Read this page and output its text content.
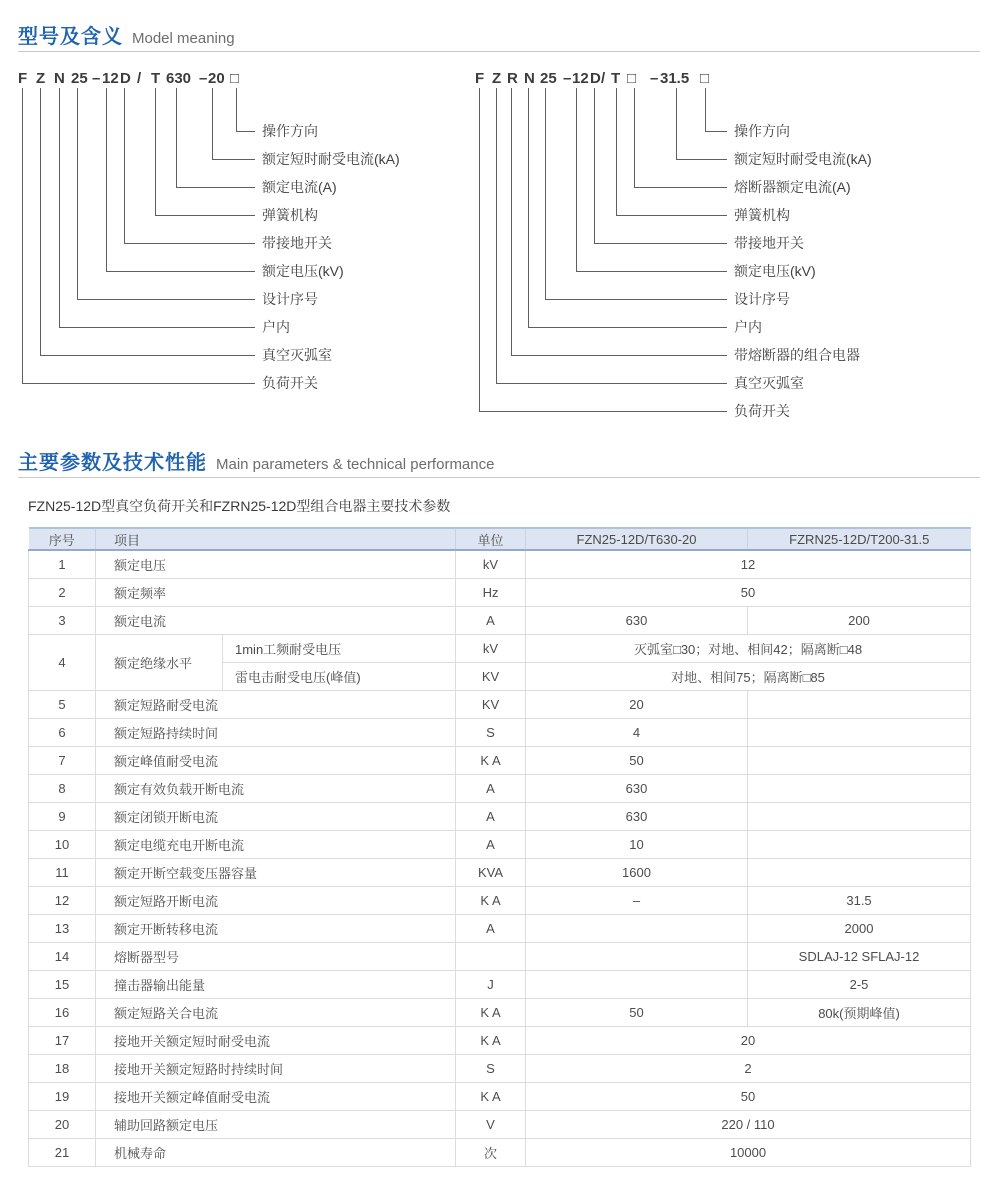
型号及含义 Model meaning
F Z N 25 – 12 D / T 630 – 20 □
操作方向
额定短时耐受电流(kA)
额定电流(A)
弹簧机构
带接地开关
额定电压(kV)
设计序号
户内
真空灭弧室
负荷开关
F Z R N 25 – 12 D / T □ – 31.5 □
操作方向
额定短时耐受电流(kA)
熔断器额定电流(A)
弹簧机构
带接地开关
额定电压(kV)
设计序号
户内
带熔断器的组合电器
真空灭弧室
负荷开关
主要参数及技术性能 Main parameters & technical performance
FZN25-12D型真空负荷开关和FZRN25-12D型组合电器主要技术参数
序号	项目		单位	FZN25-12D/T630-20	FZRN25-12D/T200-31.5
1	额定电压		kV	12	
2	额定频率		Hz	50	
3	额定电流		A	630	200
4	额定绝缘水平	1min工频耐受电压	kV	灭弧室□30；对地、相间42；隔离断□48	
		雷电击耐受电压(峰值)	KV	对地、相间75；隔离断□85	
5	额定短路耐受电流		KV	20	
6	额定短路持续时间		S	4	
7	额定峰值耐受电流		K A	50	
8	额定有效负载开断电流		A	630	
9	额定闭锁开断电流		A	630	
10	额定电缆充电开断电流		A	10	
11	额定开断空载变压器容量		KVA	1600	
12	额定短路开断电流		K A	–	31.5
13	额定开断转移电流		A		2000
14	熔断器型号				SDLAJ-12 SFLAJ-12
15	撞击器输出能量		J		2-5
16	额定短路关合电流		K A	50	80k(预期峰值)
17	接地开关额定短时耐受电流		K A	20	
18	接地开关额定短路时持续时间		S	2	
19	接地开关额定峰值耐受电流		K A	50	
20	辅助回路额定电压		V	220 / 110	
21	机械寿命		次	10000	
